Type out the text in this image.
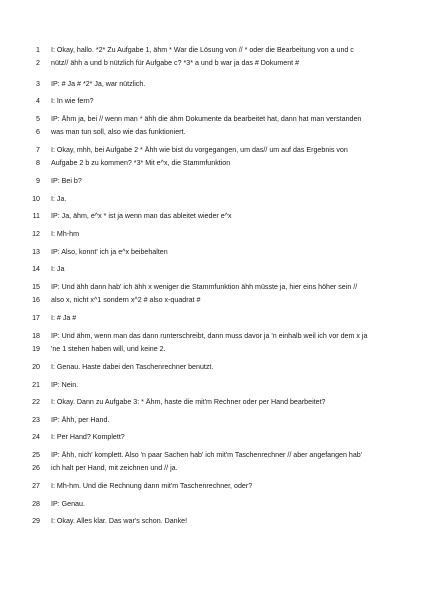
1 I: Okay, hallo. *2* Zu Aufgabe 1, ähm * War die Lösung von // * oder die Bearbeitung von a und c
2 nütz// ähh a und b nützlich für Aufgabe c? *3* a und b war ja das # Dokument #
3 IP: # Ja # *2* Ja, war nützlich.
4 I: In wie fern?
5 IP: Ähm ja, bei // wenn man * ähh die ähm Dokumente da bearbeitet hat, dann hat man verstanden
6 was man tun soll, also wie das funktioniert.
7 I: Okay, mhh, bei Aufgabe 2 * Ähh wie bist du vorgegangen, um das// um auf das Ergebnis von
8 Aufgabe 2 b zu kommen? *3* Mit e^x, die Stammfunktion
9 IP: Bei b?
10 I: Ja.
11 IP: Ja, ähm, e^x * ist ja wenn man das ableitet wieder e^x
12 I: Mh-hm
13 IP: Also, konnt' ich ja e^x beibehalten
14 I: Ja
15 IP: Und ähh dann hab' ich ähh x weniger die Stammfunktion ähh müsste ja, hier eins höher sein //
16 also x, nicht x^1 sondern x^2 # also x-quadrat #
17 I: # Ja #
18 IP: Und ähm, wenn man das dann runterschreibt, dann muss davor ja 'n einhalb weil ich vor dem x ja
19 'ne 1 stehen haben will, und keine 2.
20 I: Genau. Haste dabei den Taschenrechner benutzt.
21 IP: Nein.
22 I: Okay. Dann zu Aufgabe 3: * Ähm, haste die mit'm Rechner oder per Hand bearbeitet?
23 IP: Ähh, per Hand.
24 I: Per Hand? Komplett?
25 IP: Ähh, nich' komplett. Also 'n paar Sachen hab' ich mit'm Taschenrechner // aber angefangen hab'
26 ich halt per Hand, mit zeichnen und // ja.
27 I: Mh-hm. Und die Rechnung dann mit'm Taschenrechner, oder?
28 IP: Genau.
29 I: Okay. Alles klar. Das war's schon. Danke!
